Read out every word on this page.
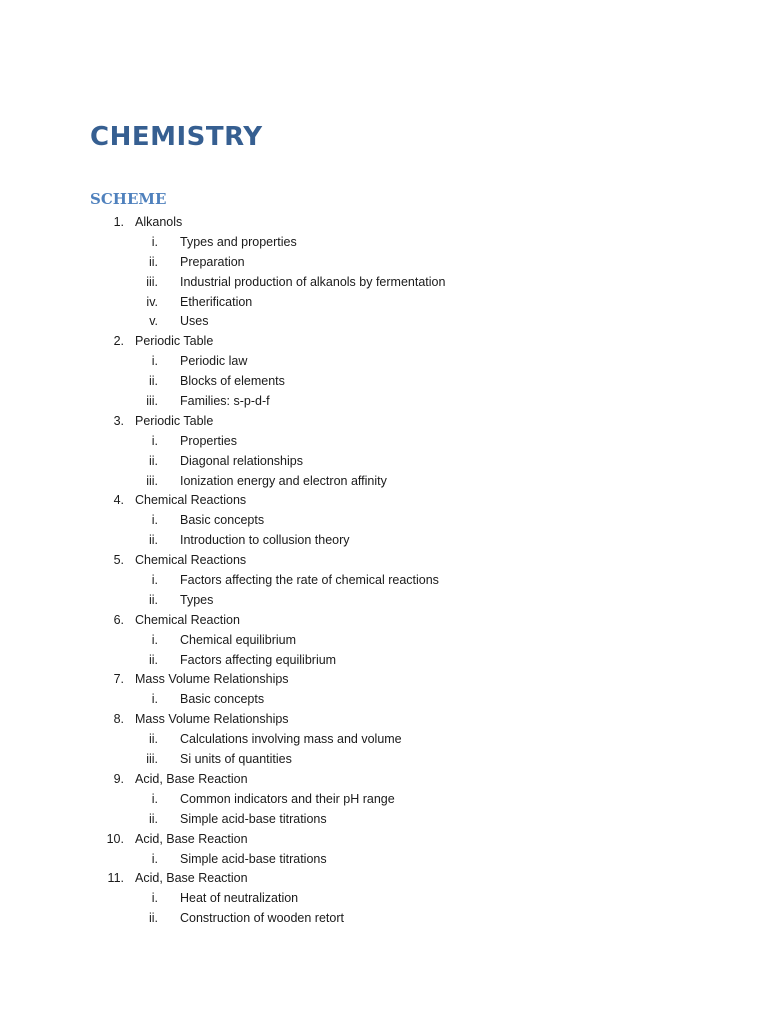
CHEMISTRY
SCHEME
1. Alkanols
i. Types and properties
ii. Preparation
iii. Industrial production of alkanols by fermentation
iv. Etherification
v. Uses
2. Periodic Table
i. Periodic law
ii. Blocks of elements
iii. Families: s-p-d-f
3. Periodic Table
i. Properties
ii. Diagonal relationships
iii. Ionization energy and electron affinity
4. Chemical Reactions
i. Basic concepts
ii. Introduction to collusion theory
5. Chemical Reactions
i. Factors affecting the rate of chemical reactions
ii. Types
6. Chemical Reaction
i. Chemical equilibrium
ii. Factors affecting equilibrium
7. Mass Volume Relationships
i. Basic concepts
8. Mass Volume Relationships
ii. Calculations involving mass and volume
iii. Si units of quantities
9. Acid, Base Reaction
i. Common indicators and their pH range
ii. Simple acid-base titrations
10. Acid, Base Reaction
i. Simple acid-base titrations
11. Acid, Base Reaction
i. Heat of neutralization
ii. Construction of wooden retort
